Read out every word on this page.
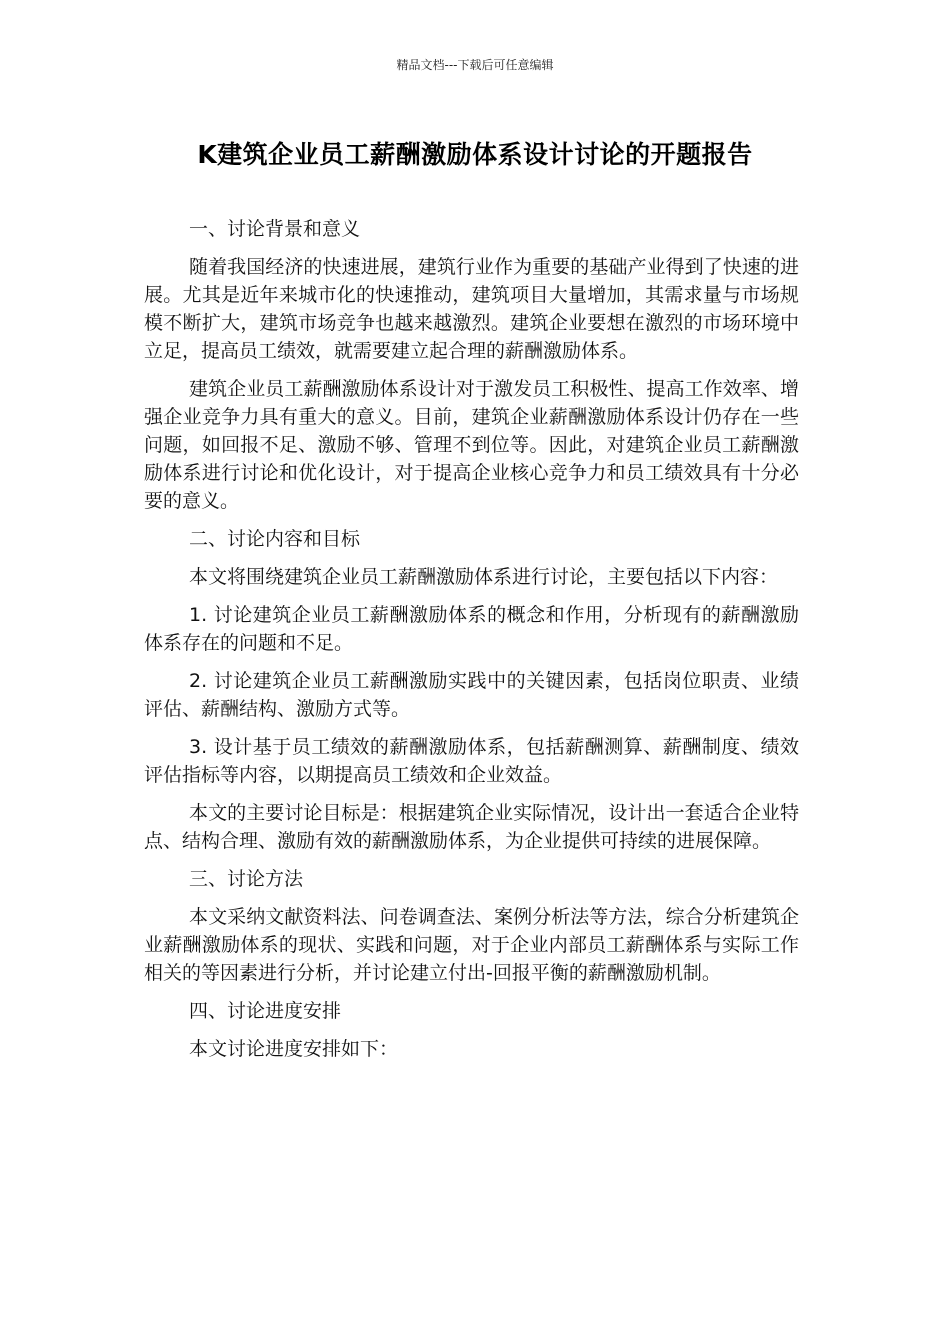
精品文档---下载后可任意编辑
K建筑企业员工薪酬激励体系设计讨论的开题报告

一、讨论背景和意义

随着我国经济的快速进展，建筑行业作为重要的基础产业得到了快速的进展。尤其是近年来城市化的快速推动，建筑项目大量增加，其需求量与市场规模不断扩大，建筑市场竞争也越来越激烈。建筑企业要想在激烈的市场环境中立足，提高员工绩效，就需要建立起合理的薪酬激励体系。

建筑企业员工薪酬激励体系设计对于激发员工积极性、提高工作效率、增强企业竞争力具有重大的意义。目前，建筑企业薪酬激励体系设计仍存在一些问题，如回报不足、激励不够、管理不到位等。因此，对建筑企业员工薪酬激励体系进行讨论和优化设计，对于提高企业核心竞争力和员工绩效具有十分必要的意义。

二、讨论内容和目标

本文将围绕建筑企业员工薪酬激励体系进行讨论，主要包括以下内容：

1. 讨论建筑企业员工薪酬激励体系的概念和作用，分析现有的薪酬激励体系存在的问题和不足。

2. 讨论建筑企业员工薪酬激励实践中的关键因素，包括岗位职责、业绩评估、薪酬结构、激励方式等。

3. 设计基于员工绩效的薪酬激励体系，包括薪酬测算、薪酬制度、绩效评估指标等内容，以期提高员工绩效和企业效益。

本文的主要讨论目标是：根据建筑企业实际情况，设计出一套适合企业特点、结构合理、激励有效的薪酬激励体系，为企业提供可持续的进展保障。

三、讨论方法

本文采纳文献资料法、问卷调查法、案例分析法等方法，综合分析建筑企业薪酬激励体系的现状、实践和问题，对于企业内部员工薪酬体系与实际工作相关的等因素进行分析，并讨论建立付出-回报平衡的薪酬激励机制。

四、讨论进度安排

本文讨论进度安排如下：
